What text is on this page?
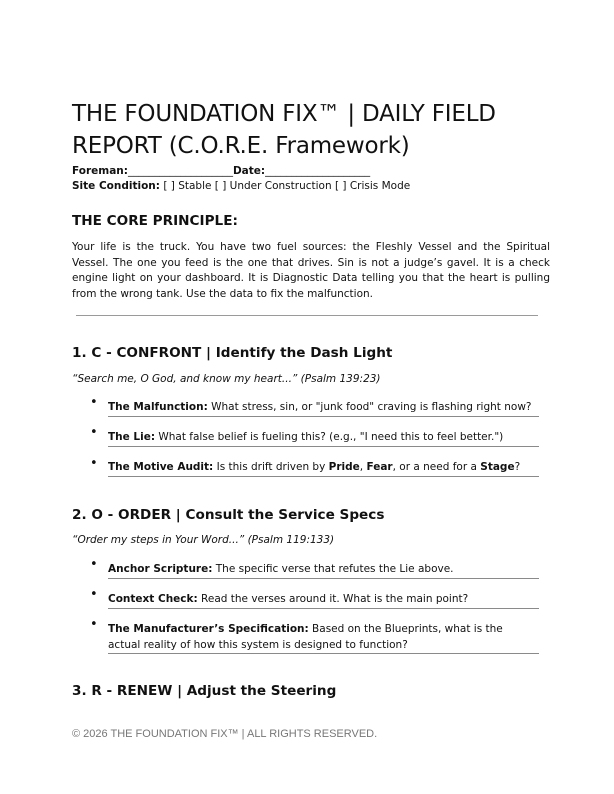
THE FOUNDATION FIX™ | DAILY FIELD
REPORT (C.O.R.E. Framework)
Foreman:____________________Date:____________________
Site Condition: [ ] Stable [ ] Under Construction [ ] Crisis Mode
THE CORE PRINCIPLE:
Your life is the truck. You have two fuel sources: the Fleshly Vessel and the Spiritual Vessel. The one you feed is the one that drives. Sin is not a judge’s gavel. It is a check engine light on your dashboard. It is Diagnostic Data telling you that the heart is pulling from the wrong tank. Use the data to fix the malfunction.
1. C - CONFRONT | Identify the Dash Light
“Search me, O God, and know my heart...” (Psalm 139:23)
• The Malfunction: What stress, sin, or "junk food" craving is flashing right now?
• The Lie: What false belief is fueling this? (e.g., "I need this to feel better.")
• The Motive Audit: Is this drift driven by Pride, Fear, or a need for a Stage?
2. O - ORDER | Consult the Service Specs
“Order my steps in Your Word...” (Psalm 119:133)
• Anchor Scripture: The specific verse that refutes the Lie above.
• Context Check: Read the verses around it. What is the main point?
• The Manufacturer’s Specification: Based on the Blueprints, what is the actual reality of how this system is designed to function?
3. R - RENEW | Adjust the Steering
© 2026 THE FOUNDATION FIX™ | ALL RIGHTS RESERVED.
